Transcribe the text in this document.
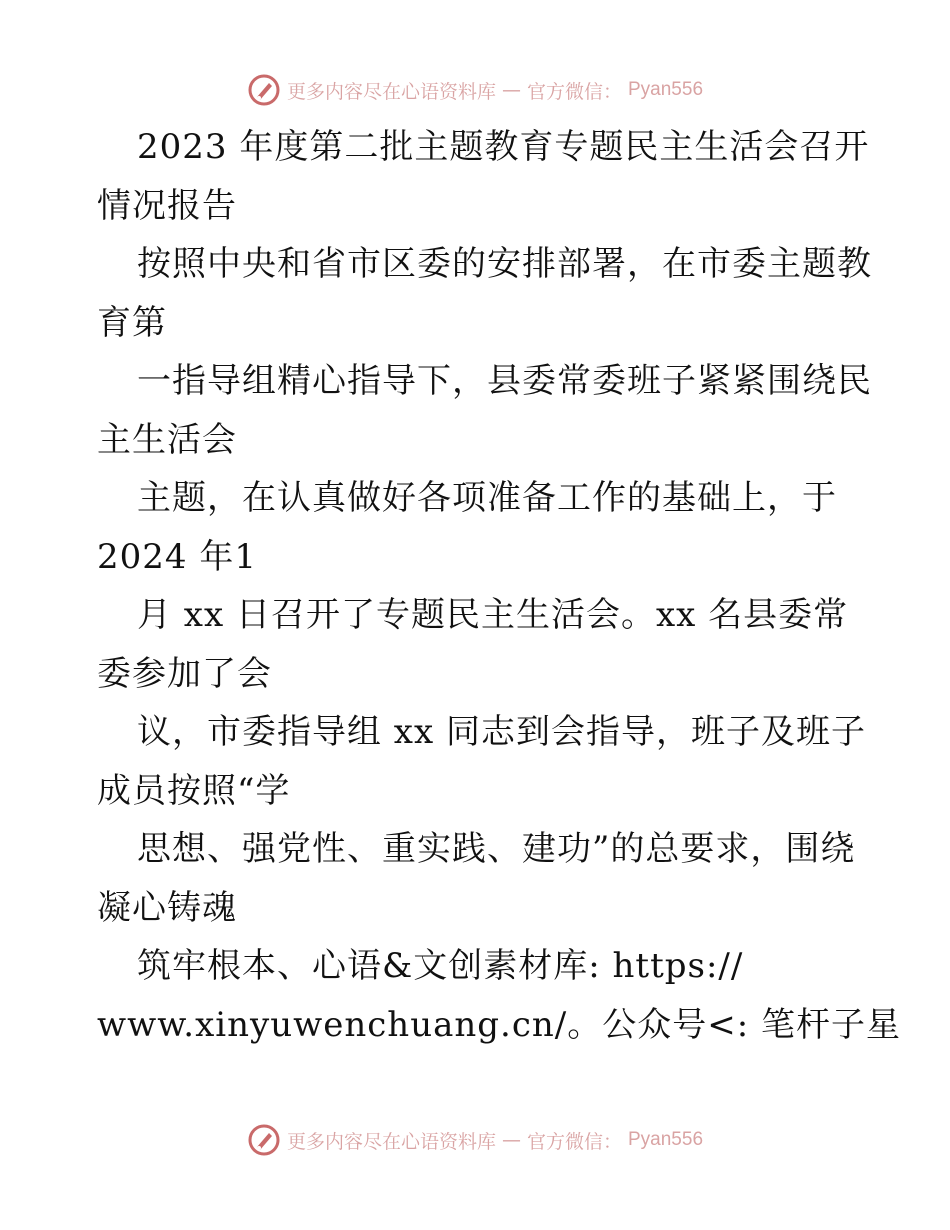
更多内容尽在心语资料库 — 官方微信： Pyan556
2023 年度第二批主题教育专题民主生活会召开
情况报告
按照中央和省市区委的安排部署，在市委主题教
育第
一指导组精心指导下，县委常委班子紧紧围绕民
主生活会
主题，在认真做好各项准备工作的基础上，于
2024 年1
月 xx 日召开了专题民主生活会。xx 名县委常
委参加了会
议，市委指导组 xx 同志到会指导，班子及班子
成员按照“学
思想、强党性、重实践、建功”的总要求，围绕
凝心铸魂
筑牢根本、心语&文创素材库: https://
www.xinyuwenchuang.cn/。公众号<: 笔杆子星
更多内容尽在心语资料库 — 官方微信： Pyan556
